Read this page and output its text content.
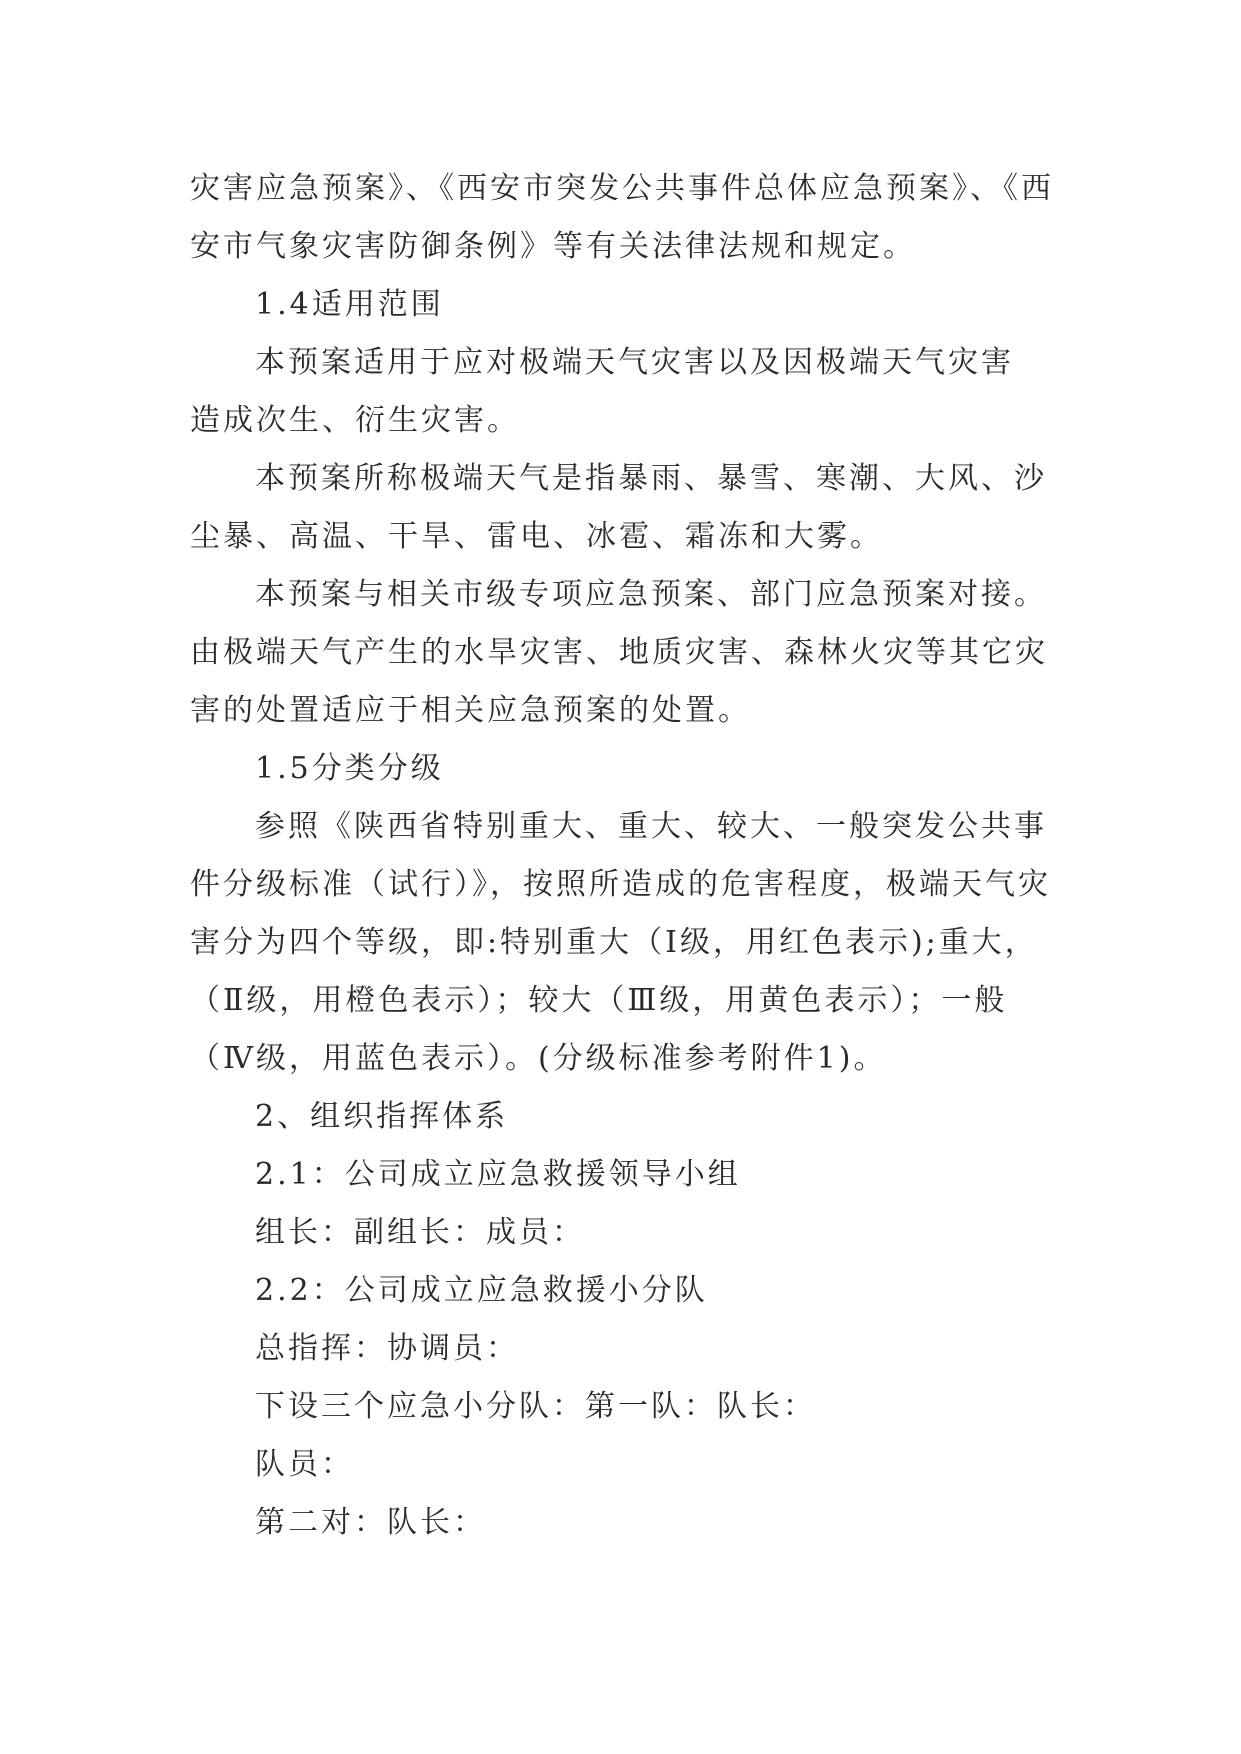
灾害应急预案》、《西安市突发公共事件总体应急预案》、《西
安市气象灾害防御条例》等有关法律法规和规定。
1.4适用范围
本预案适用于应对极端天气灾害以及因极端天气灾害
造成次生、衍生灾害。
本预案所称极端天气是指暴雨、暴雪、寒潮、大风、沙
尘暴、高温、干旱、雷电、冰雹、霜冻和大雾。
本预案与相关市级专项应急预案、部门应急预案对接。
由极端天气产生的水旱灾害、地质灾害、森林火灾等其它灾
害的处置适应于相关应急预案的处置。
1.5分类分级
参照《陕西省特别重大、重大、较大、一般突发公共事
件分级标准（试行）》，按照所造成的危害程度，极端天气灾
害分为四个等级，即:特别重大（Ⅰ级，用红色表示);重大，
（Ⅱ级，用橙色表示）；较大（Ⅲ级，用黄色表示）；一般
（Ⅳ级，用蓝色表示）。(分级标准参考附件1)。
2、组织指挥体系
2.1：公司成立应急救援领导小组
组长：副组长：成员：
2.2：公司成立应急救援小分队
总指挥：协调员：
下设三个应急小分队：第一队：队长：
队员：
第二对：队长：
